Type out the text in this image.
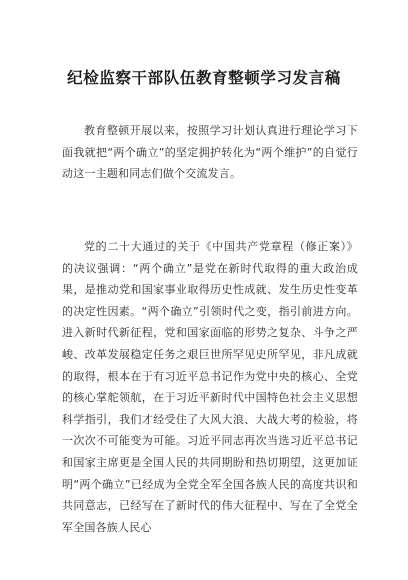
纪检监察干部队伍教育整顿学习发言稿

教育整顿开展以来，按照学习计划认真进行理论学习下面我就把“两个确立”的坚定拥护转化为“两个维护”的自觉行动这一主题和同志们做个交流发言。

党的二十大通过的关于《中国共产党章程（修正案）》的决议强调：“两个确立”是党在新时代取得的重大政治成果，是推动党和国家事业取得历史性成就、发生历史性变革的决定性因素。“两个确立”引领时代之变，指引前进方向。进入新时代新征程，党和国家面临的形势之复杂、斗争之严峻、改革发展稳定任务之艰巨世所罕见史所罕见，非凡成就的取得，根本在于有习近平总书记作为党中央的核心、全党的核心掌舵领航，在于习近平新时代中国特色社会主义思想科学指引，我们才经受住了大风大浪、大战大考的检验，将一次次不可能变为可能。习近平同志再次当选习近平总书记和国家主席更是全国人民的共同期盼和热切期望，这更加证明“两个确立”已经成为全党全军全国各族人民的高度共识和共同意志，已经写在了新时代的伟大征程中、写在了全党全军全国各族人民心
